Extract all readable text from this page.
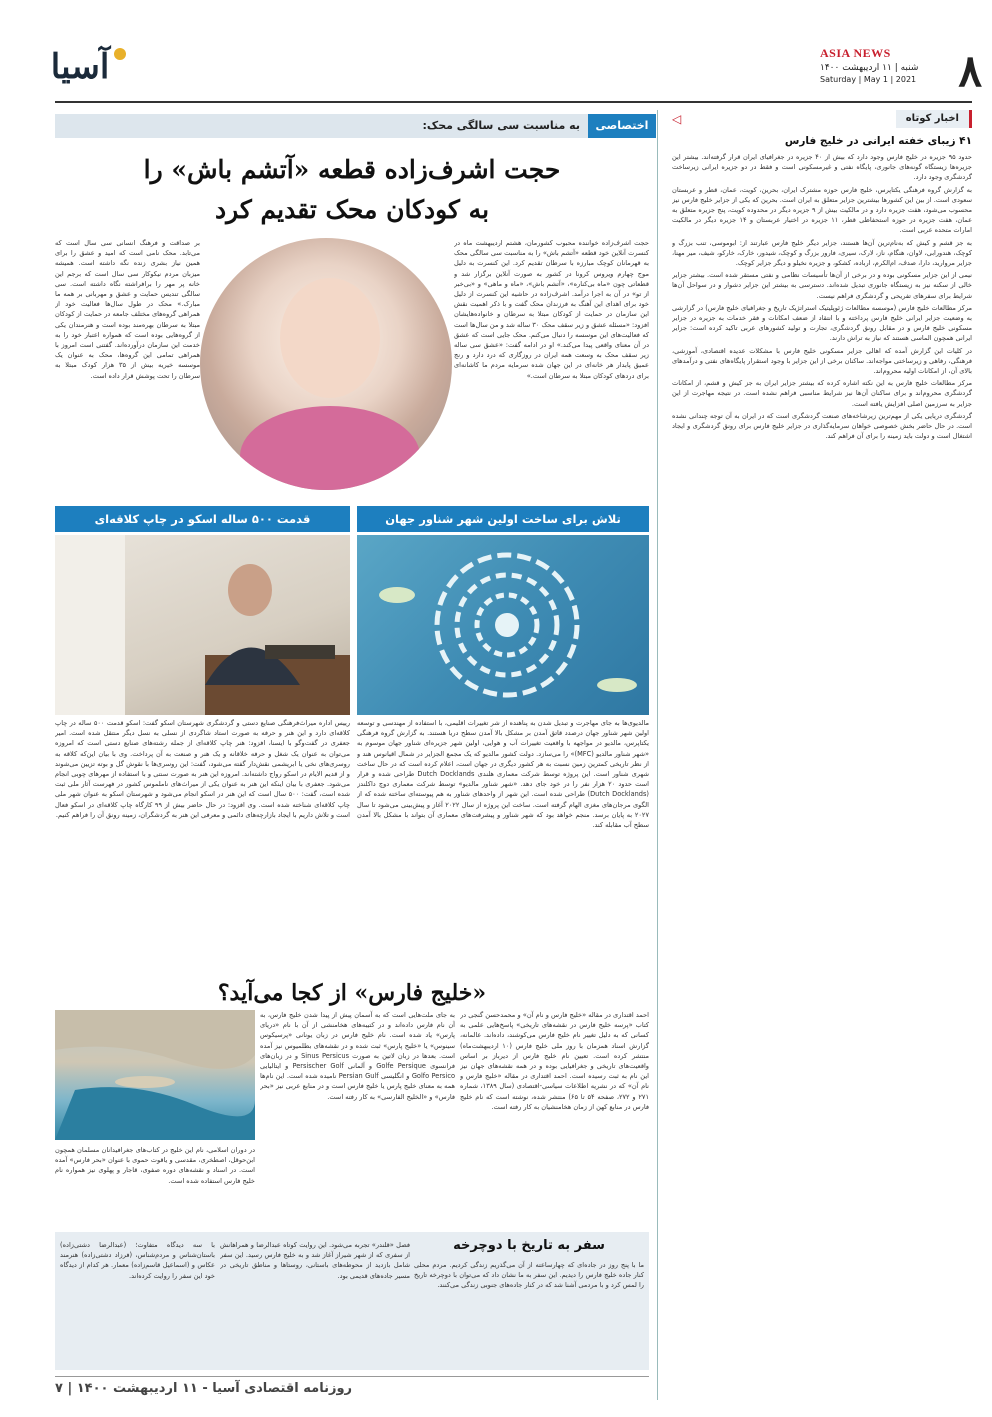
۸
ASIA NEWS
شنبه | ۱۱ اردیبهشت ۱۴۰۰
Saturday | May 1 | 2021
آسیا
اخبار کوتاه
◁
۴۱ زیبای خفته ایرانی در خلیج فارس

حدود ۹۵ جزیره در خلیج فارس وجود دارد که بیش از ۴۰ جزیره در جغرافیای ایران قرار گرفته‌اند. بیشتر این جزیره‌ها زیستگاه گونه‌های جانوری، پایگاه نفتی و غیرمسکونی است و فقط در دو جزیره ایرانی زیرساخت گردشگری وجود دارد.

به گزارش گروه فرهنگی یکتاپرس، خلیج فارس حوزه مشترک ایران، بحرین، کویت، عمان، قطر و عربستان سعودی است. از بین این کشورها بیشترین جزایر متعلق به ایران است. بحرین که یکی از جزایر خلیج فارس نیز محسوب می‌شود، هفت جزیره دارد و در مالکیت بیش از ۹ جزیره دیگر در محدوده کویت، پنج جزیره متعلق به عمان، هفت جزیره در حوزه استحفاظی قطر، ۱۱ جزیره در اختیار عربستان و ۱۴ جزیره دیگر در مالکیت امارات متحده عربی است.

به جز قشم و کیش که به‌نام‌ترین آن‌ها هستند، جزایر دیگر خلیج فارس عبارتند از: ابوموسی، تنب بزرگ و کوچک، هندورابی، لاوان، هنگام، ناز، لارک، سیری، فارور بزرگ و کوچک، شیدور، خارک، خارکو، شیف، میر مهنا، جزایر مروارید، دارا، صدف، ام‌الکرم، ارباده، کشکو، و جزیره نخیلو و دیگر جزایر کوچک.

نیمی از این جزایر مسکونی بوده و در برخی از آن‌ها تأسیسات نظامی و نفتی مستقر شده است. بیشتر جزایر خالی از سکنه نیز به زیستگاه جانوری تبدیل شده‌اند. دسترسی به بیشتر این جزایر دشوار و در سواحل آن‌ها شرایط برای سفرهای تفریحی و گردشگری فراهم نیست.

مرکز مطالعات خلیج فارس (موسسه مطالعات ژئوپلیتیک استراتژیک تاریخ و جغرافیای خلیج فارس) در گزارشی به وضعیت جزایر ایرانی خلیج فارس پرداخته و با انتقاد از ضعف امکانات و فقر خدمات به جزیره در جزایر مسکونی خلیج فارس و در مقابل رونق گردشگری، تجارت و تولید کشورهای عربی تاکید کرده است: جزایر ایرانی همچون الماسی هستند که نیاز به تراش دارند.

در کلیات این گزارش آمده که اهالی جزایر مسکونی خلیج فارس با مشکلات عدیده اقتصادی، آموزشی، فرهنگی، رفاهی و زیرساختی مواجه‌اند. ساکنان برخی از این جزایر با وجود استقرار پایگاه‌های نفتی و درآمدهای بالای آن، از امکانات اولیه محروم‌اند.

مرکز مطالعات خلیج فارس به این نکته اشاره کرده که بیشتر جزایر ایران به جز کیش و قشم، از امکانات گردشگری محروم‌اند و برای ساکنان آن‌ها نیز شرایط مناسبی فراهم نشده است. در نتیجه مهاجرت از این جزایر به سرزمین اصلی افزایش یافته است.

گردشگری دریایی یکی از مهم‌ترین زیرشاخه‌های صنعت گردشگری است که در ایران به آن توجه چندانی نشده است. در حال حاضر بخش خصوصی خواهان سرمایه‌گذاری در جزایر خلیج فارس برای رونق گردشگری و ایجاد اشتغال است و دولت باید زمینه را برای آن فراهم کند.

اختصاصی
به مناسبت سی سالگی محک:
حجت اشرف‌زاده قطعه «آتشم باش» را
به کودکان محک تقدیم کرد
حجت اشرف‌زاده خواننده محبوب کشورمان، هشتم اردیبهشت ماه در کنسرت آنلاین خود قطعه «آتشم باش» را به مناسبت سی سالگی محک به قهرمانان کوچک مبارزه با سرطان تقدیم کرد. این کنسرت به دلیل موج چهارم ویروس کرونا در کشور به صورت آنلاین برگزار شد و قطعاتی چون «ماه بی‌کناره»، «آتشم باش»، «ماه و ماهی» و «بی‌خبر از تو» در آن به اجرا درآمد. اشرف‌زاده در حاشیه این کنسرت از دلیل خود برای اهدای این آهنگ به فرزندان محک گفت و با ذکر اهمیت نقش این سازمان در حمایت از کودکان مبتلا به سرطان و خانواده‌هایشان افزود: «مسئله عشق و زیر سقف محک ۳۰ ساله شد و من سال‌ها است که فعالیت‌های این موسسه را دنبال می‌کنم. محک جایی است که عشق در آن معنای واقعی پیدا می‌کند.» او در ادامه گفت: «عشق سی ساله زیر سقف محک به وسعت همه ایران در روزگاری که درد دارد و رنج عمیق پابدار هر خانه‌ای در این جهان شده سرمایه مردم ما کاشانه‌ای برای دردهای کودکان مبتلا به سرطان است.»
بر صداقت و فرهنگ انسانی سی سال است که می‌تابد. محک نامی است که امید و عشق را برای همین نیاز بشری زنده نگه داشته است. همیشه میزبان مردم نیکوکار سی سال است که برجم این خانه پر مهر را برافراشته نگاه داشته است. سی سالگی تندیس حمایت و عشق و مهربانی بر همه ما مبارک.» محک در طول سال‌ها فعالیت خود از همراهی گروه‌های مختلف جامعه در حمایت از کودکان مبتلا به سرطان بهره‌مند بوده است و هنرمندان یکی از گروه‌هایی بوده است که همواره اعتبار خود را به خدمت این سازمان درآورده‌اند. گفتنی است امروز با همراهی تمامی این گروه‌ها، محک به عنوان یک موسسه خیریه بیش از ۳۵ هزار کودک مبتلا به سرطان را تحت پوشش قرار داده است.
تلاش برای ساخت اولین شهر شناور جهان
مالدیوی‌ها به جای مهاجرت و تبدیل شدن به پناهنده از شر تغییرات اقلیمی، با استفاده از مهندسی و توسعه اولین شهر شناور جهان درصدد قاتق آمدن بر مشکل بالا آمدن سطح دریا هستند. به گزارش گروه فرهنگی یکتاپرس، مالدیو در مواجهه با واقعیت تغییرات آب و هوایی، اولین شهر جزیره‌ای شناور جهان موسوم به «شهر شناور مالدیو (MFC)» را می‌سازد. دولت کشور مالدیو که یک مجمع الجزایر در شمال اقیانوس هند و از نظر تاریخی کمترین زمین نسبت به هر کشور دیگری در جهان است، اعلام کرده است که در حال ساخت شهری شناور است. این پروژه توسط شرکت معماری هلندی Dutch Docklands طراحی شده و قرار است حدود ۲۰ هزار نفر را در خود جای دهد. «شهر شناور مالدیو» توسط شرکت معماری دوچ داکلندز (Dutch Docklands) طراحی شده است. این شهر از واحدهای شناور به هم پیوسته‌ای ساخته شده که از الگوی مرجان‌های مغزی الهام گرفته است. ساخت این پروژه از سال ۲۰۲۲ آغاز و پیش‌بینی می‌شود تا سال ۲۰۲۷ به پایان برسد. منجم خواهد بود که شهر شناور و پیشرفت‌های معماری آن بتواند با مشکل بالا آمدن سطح آب مقابله کند.
قدمت ۵۰۰ ساله اسکو در چاپ کلاقه‌ای
رییس اداره میراث‌فرهنگی صنایع دستی و گردشگری شهرستان اسکو گفت: اسکو قدمت ۵۰۰ ساله در چاپ کلاقه‌ای دارد و این هنر و حرفه به صورت استاد شاگردی از نسلی به نسل دیگر منتقل شده است. امیر جعفری در گفت‌وگو با ایسنا، افزود: هنر چاپ کلاقه‌ای از جمله رشته‌های صنایع دستی است که امروزه می‌توان به عنوان یک شغل و حرفه خلاقانه و یک هنر و صنعت به آن پرداخت. وی با بیان این‌که کلاقه به روسری‌های نخی یا ابریشمی نقش‌دار گفته می‌شود، گفت: این روسری‌ها با نقوش گل و بوته تزیین می‌شوند و از قدیم الایام در اسکو رواج داشته‌اند. امروزه این هنر به صورت سنتی و با استفاده از مهرهای چوبی انجام می‌شود. جعفری با بیان اینکه این هنر به عنوان یکی از میراث‌های ناملموس کشور در فهرست آثار ملی ثبت شده است، گفت: ۵۰۰ سال است که این هنر در اسکو انجام می‌شود و شهرستان اسکو به عنوان شهر ملی چاپ کلاقه‌ای شناخته شده است. وی افزود: در حال حاضر بیش از ۹۹ کارگاه چاپ کلاقه‌ای در اسکو فعال است و تلاش داریم با ایجاد بازارچه‌های دائمی و معرفی این هنر به گردشگران، زمینه رونق آن را فراهم کنیم.
«خلیج فارس» از کجا می‌آید؟
احمد اقتداری در مقاله «خلیج فارس و نام آن» و محمدحسن گنجی در کتاب «پرسه خلیج فارس در نقشه‌های تاریخی» پاسخ‌هایی علمی به کسانی که به دلیل تغییر نام خلیج فارس می‌کوشند، داده‌اند. عالمانه، گزارش اسناد همزمان با روز ملی خلیج فارس (۱۰ اردیبهشت‌ماه) منتشر کرده است. تعیین نام خلیج فارس از دیرباز بر اساس واقعیت‌های تاریخی و جغرافیایی بوده و در همه نقشه‌های جهان نیز این نام به ثبت رسیده است. احمد اقتداری در مقاله «خلیج فارس و نام آن» که در نشریه اطلاعات سیاسی-اقتصادی (سال ۱۳۸۹، شماره ۲۷۱ و ۲۷۲، صفحه ۵۴ تا ۶۵) منتشر شده، نوشته است که نام خلیج فارس در منابع کهن از زمان هخامنشیان به کار رفته است.
به جای ملت‌هایی است که به آسمان پیش از پیدا شدن خلیج فارس، به آن نام فارس داده‌اند و در کتیبه‌های هخامنشی از آن با نام «دریای پارس» یاد شده است. نام خلیج فارس در زبان یونانی «پرسیکوس سینوس» یا «خلیج پارس» ثبت شده و در نقشه‌های بطلمیوس نیز آمده است. بعدها در زبان لاتین به صورت Sinus Persicus و در زبان‌های فرانسوی Golfe Persique و آلمانی Persischer Golf و ایتالیایی Golfo Persico و انگلیسی Persian Gulf نامیده شده است. این نام‌ها همه به معنای خلیج پارس یا خلیج فارس است و در منابع عربی نیز «بحر فارس» و «الخلیج الفارسی» به کار رفته است.
در دوران اسلامی، نام این خلیج در کتاب‌های جغرافیدانان مسلمان همچون ابن‌حوقل، اصطخری، مقدسی و یاقوت حموی با عنوان «بحر فارس» آمده است. در اسناد و نقشه‌های دوره صفوی، قاجار و پهلوی نیز همواره نام خلیج فارس استفاده شده است.
سفر به تاریخ با دوچرخه
ما با پنج روز در جاده‌ای که چهارساعته از آن می‌گذریم زندگی کردیم. مردم محلی کنار جاده خلیج فارس را دیدیم. این سفر به ما نشان داد که می‌توان با دوچرخه تاریخ را لمس کرد و با مردمی آشنا شد که در کنار جاده‌های جنوبی زندگی می‌کنند.
فصل «قلندر» تجربه می‌شود. این روایت کوتاه عبدالرضا و همراهانش از سفری که از شهر شیراز آغاز شد و به خلیج فارس رسید. این سفر شامل بازدید از محوطه‌های باستانی، روستاها و مناطق تاریخی در مسیر جاده‌های قدیمی بود.
با سه دیدگاه متفاوت؛ (عبدالرضا دشتی‌زاده) باستان‌شناس و مردم‌شناس، (فرزاد دشتی‌زاده) هنرمند عکاس و (اسماعیل قاسم‌زاده) معمار. هر کدام از دیدگاه خود این سفر را روایت کرده‌اند.
روزنامه اقتصادی آسیا - ۱۱ اردیبهشت ۱۴۰۰ | ۷
